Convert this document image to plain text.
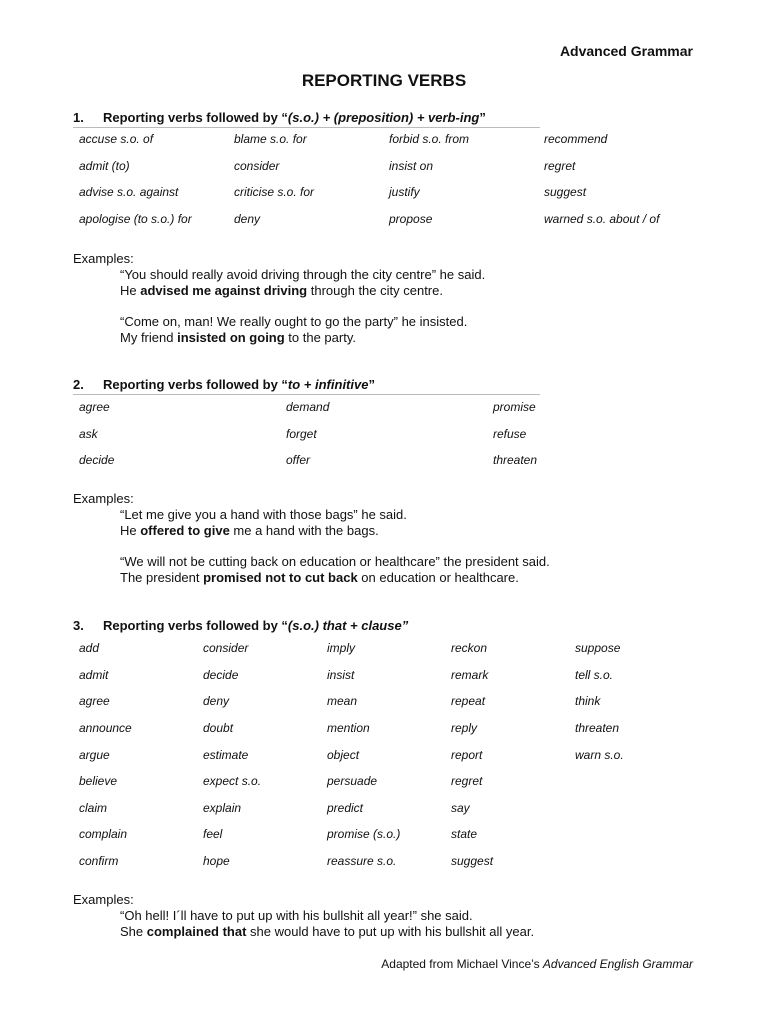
Advanced Grammar
REPORTING VERBS
1. Reporting verbs followed by “(s.o.) + (preposition) + verb-ing”
accuse s.o. of	blame s.o. for	forbid s.o. from	recommend
admit (to)	consider	insist on	regret
advise s.o. against	criticise s.o. for	justify	suggest
apologise (to s.o.) for	deny	propose	warned s.o. about / of
Examples:
“You should really avoid driving through the city centre” he said.
He advised me against driving through the city centre.
“Come on, man! We really ought to go the party” he insisted.
My friend insisted on going to the party.
2. Reporting verbs followed by “to + infinitive”
agree	demand	promise
ask	forget	refuse
decide	offer	threaten
Examples:
“Let me give you a hand with those bags” he said.
He offered to give me a hand with the bags.
“We will not be cutting back on education or healthcare” the president said.
The president promised not to cut back on education or healthcare.
3. Reporting verbs followed by “(s.o.) that + clause”
add	consider	imply	reckon	suppose
admit	decide	insist	remark	tell s.o.
agree	deny	mean	repeat	think
announce	doubt	mention	reply	threaten
argue	estimate	object	report	warn s.o.
believe	expect s.o.	persuade	regret	
claim	explain	predict	say	
complain	feel	promise (s.o.)	state	
confirm	hope	reassure s.o.	suggest	
Examples:
“Oh hell! I´ll have to put up with his bullshit all year!” she said.
She complained that she would have to put up with his bullshit all year.
Adapted from Michael Vince’s Advanced English Grammar
